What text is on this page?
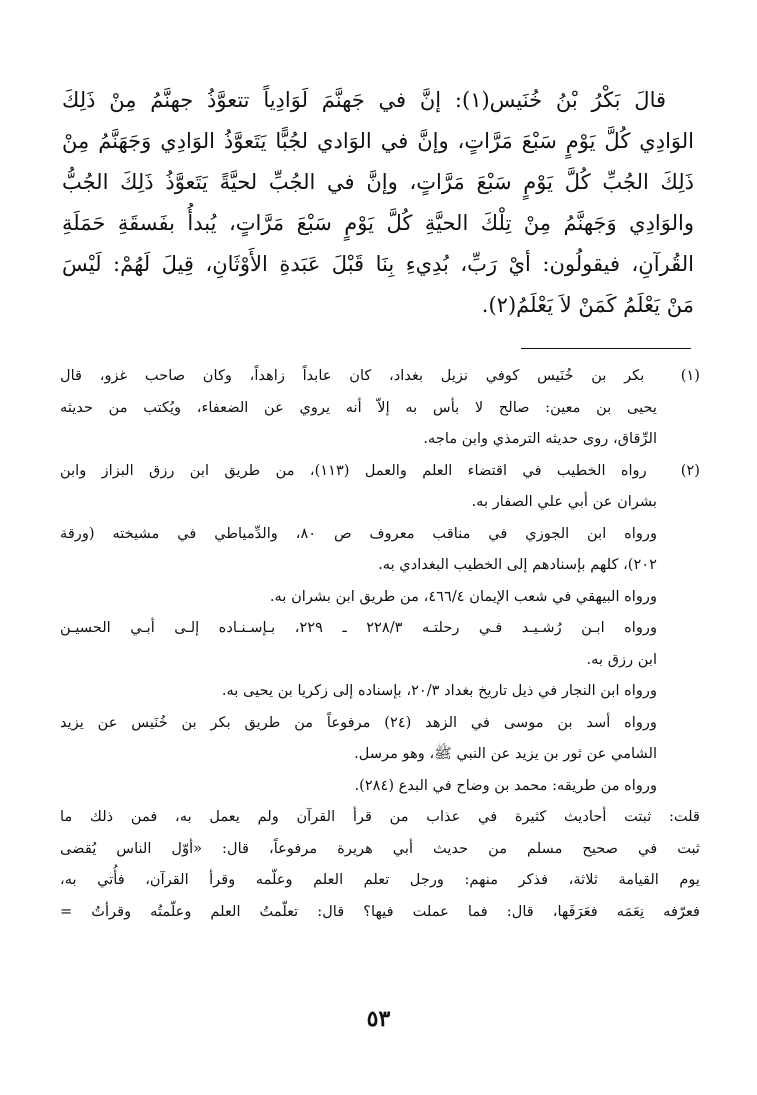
قالَ بَكْرُ بْنُ خُنَيس(١): إنَّ في جَهنَّمَ لَوَادِياً تتعوَّذُ جهنَّمُ مِنْ ذَلِكَ
الوَادِي كُلَّ يَوْمٍ سَبْعَ مَرَّاتٍ، وإنَّ في الوَادي لجُبًّا يَتَعوَّذُ الوَادِي وَجَهَنَّمُ مِنْ
ذَلِكَ الجُبِّ كُلَّ يَوْمٍ سَبْعَ مَرَّاتٍ، وإنَّ في الجُبِّ لحيَّةً يَتَعوَّذُ ذَلِكَ الجُبُّ
والوَادِي وَجَهنَّمُ مِنْ تِلْكَ الحيَّةِ كُلَّ يَوْمٍ سَبْعَ مَرَّاتٍ، يُبدأُ بفَسقَةِ حَمَلَةِ
القُرآنِ، فيقولُون: أيْ رَبِّ، بُدِيءِ بِنَا قَبْلَ عَبَدةِ الأَوْثَانِ، قِيلَ لَهُمْ: لَيْسَ
مَنْ يَعْلَمُ كَمَنْ لاَ يَعْلَمُ(٢).
(١) بكر بن خُنَيس كوفي نزيل بغداد، كان عابداً زاهداً، وكان صاحب غزو، قال
يحيى بن معين: صالح لا بأس به إلاّ أنه يروي عن الضعفاء، ويُكتب من حديثه
الرِّقاق، روى حديثه الترمذي وابن ماجه.
(٢) رواه الخطيب في اقتضاء العلم والعمل (١١٣)، من طريق ابن رزق البزاز وابن
بشران عن أبي علي الصفار به.
ورواه ابن الجوزي في مناقب معروف ص ٨٠، والدِّمياطي في مشيخته (ورقة
٢٠٢)، كلهم بإسنادهم إلى الخطيب البغدادي به.
ورواه البيهقي في شعب الإيمان ٤٦٦/٤، من طريق ابن بشران به.
ورواه ابـن رُشـيـد فـي رحلتـه ٢٢٨/٣ ـ ٢٢٩، بـإسـنـاده إلـى أبـي الحسيـن
ابن رزق به.
ورواه ابن النجار في ذيل تاريخ بغداد ٢٠/٣، بإسناده إلى زكريا بن يحيى به.
ورواه أسد بن موسى في الزهد (٢٤) مرفوعاً من طريق بكر بن خُنَيس عن يزيد
الشامي عن ثور بن يزيد عن النبي ﷺ، وهو مرسل.
ورواه من طريقه: محمد بن وضاح في البدع (٢٨٤).
قلت: ثبتت أحاديث كثيرة في عذاب من قرأ القرآن ولم يعمل به، فمن ذلك ما
ثبت في صحيح مسلم من حديث أبي هريرة مرفوعاً، قال: «أوّل الناس يُقضى
يوم القيامة ثلاثة، فذكر منهم: ورجل تعلم العلم وعلّمه وقرأ القرآن، فأُتي به،
فعرّفه نِعَمَه فعَرَفَها، قال: فما عملت فيها؟ قال: تعلّمتُ العلم وعلّمتُه وقرأتُ =
٥٣
